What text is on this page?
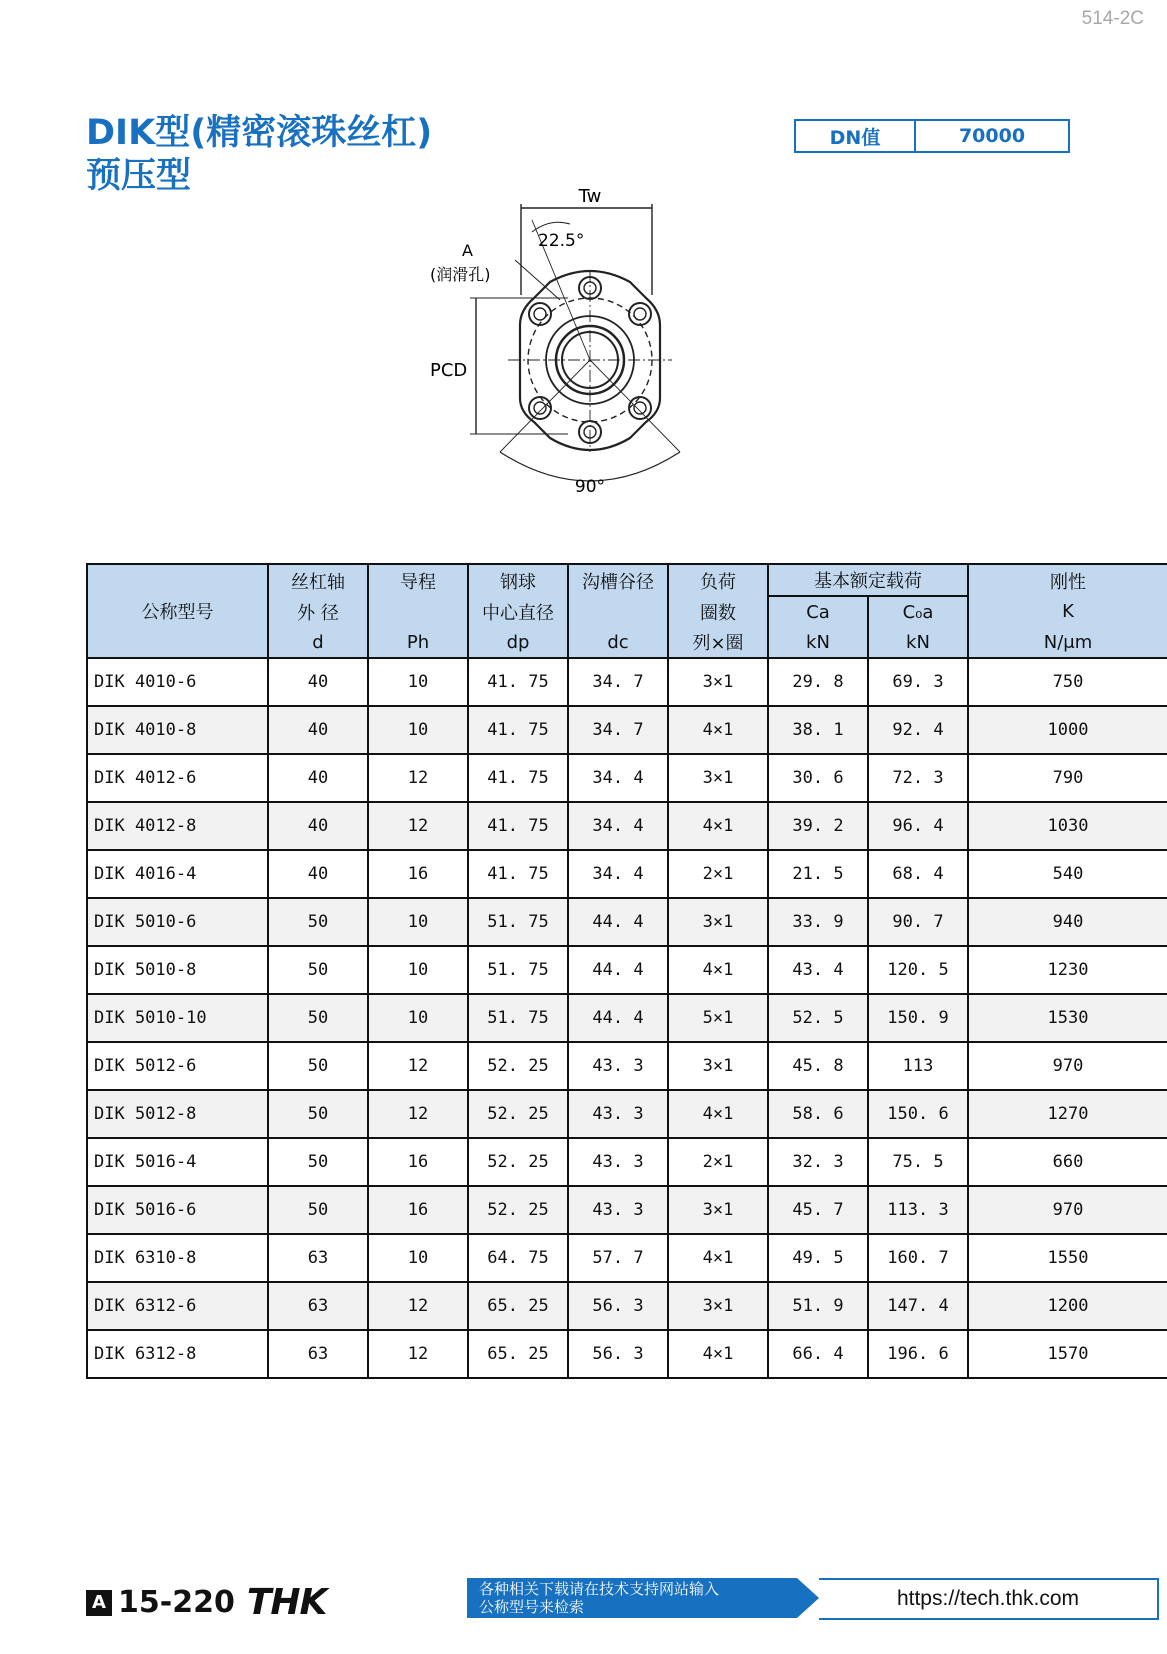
514-2C
DIK型(精密滚珠丝杠)
预压型
DN值	70000
Tw
22.5°
A
(润滑孔)
PCD
90°
公称型号	丝杠轴	导程	钢球	沟槽谷径	负荷	基本额定载荷		刚性
	外 径		中心直径		圈数	Ca	C₀a	K
	d	Ph	dp	dc	列×圈	kN	kN	N/μm
DIK 4010-6	40	10	41. 75	34. 7	3×1	29. 8	69. 3	750
DIK 4010-8	40	10	41. 75	34. 7	4×1	38. 1	92. 4	1000
DIK 4012-6	40	12	41. 75	34. 4	3×1	30. 6	72. 3	790
DIK 4012-8	40	12	41. 75	34. 4	4×1	39. 2	96. 4	1030
DIK 4016-4	40	16	41. 75	34. 4	2×1	21. 5	68. 4	540
DIK 5010-6	50	10	51. 75	44. 4	3×1	33. 9	90. 7	940
DIK 5010-8	50	10	51. 75	44. 4	4×1	43. 4	120. 5	1230
DIK 5010-10	50	10	51. 75	44. 4	5×1	52. 5	150. 9	1530
DIK 5012-6	50	12	52. 25	43. 3	3×1	45. 8	113	970
DIK 5012-8	50	12	52. 25	43. 3	4×1	58. 6	150. 6	1270
DIK 5016-4	50	16	52. 25	43. 3	2×1	32. 3	75. 5	660
DIK 5016-6	50	16	52. 25	43. 3	3×1	45. 7	113. 3	970
DIK 6310-8	63	10	64. 75	57. 7	4×1	49. 5	160. 7	1550
DIK 6312-6	63	12	65. 25	56. 3	3×1	51. 9	147. 4	1200
DIK 6312-8	63	12	65. 25	56. 3	4×1	66. 4	196. 6	1570
A 15-220 THK	各种相关下载请在技术支持网站输入
公称型号来检索	https://tech.thk.com
